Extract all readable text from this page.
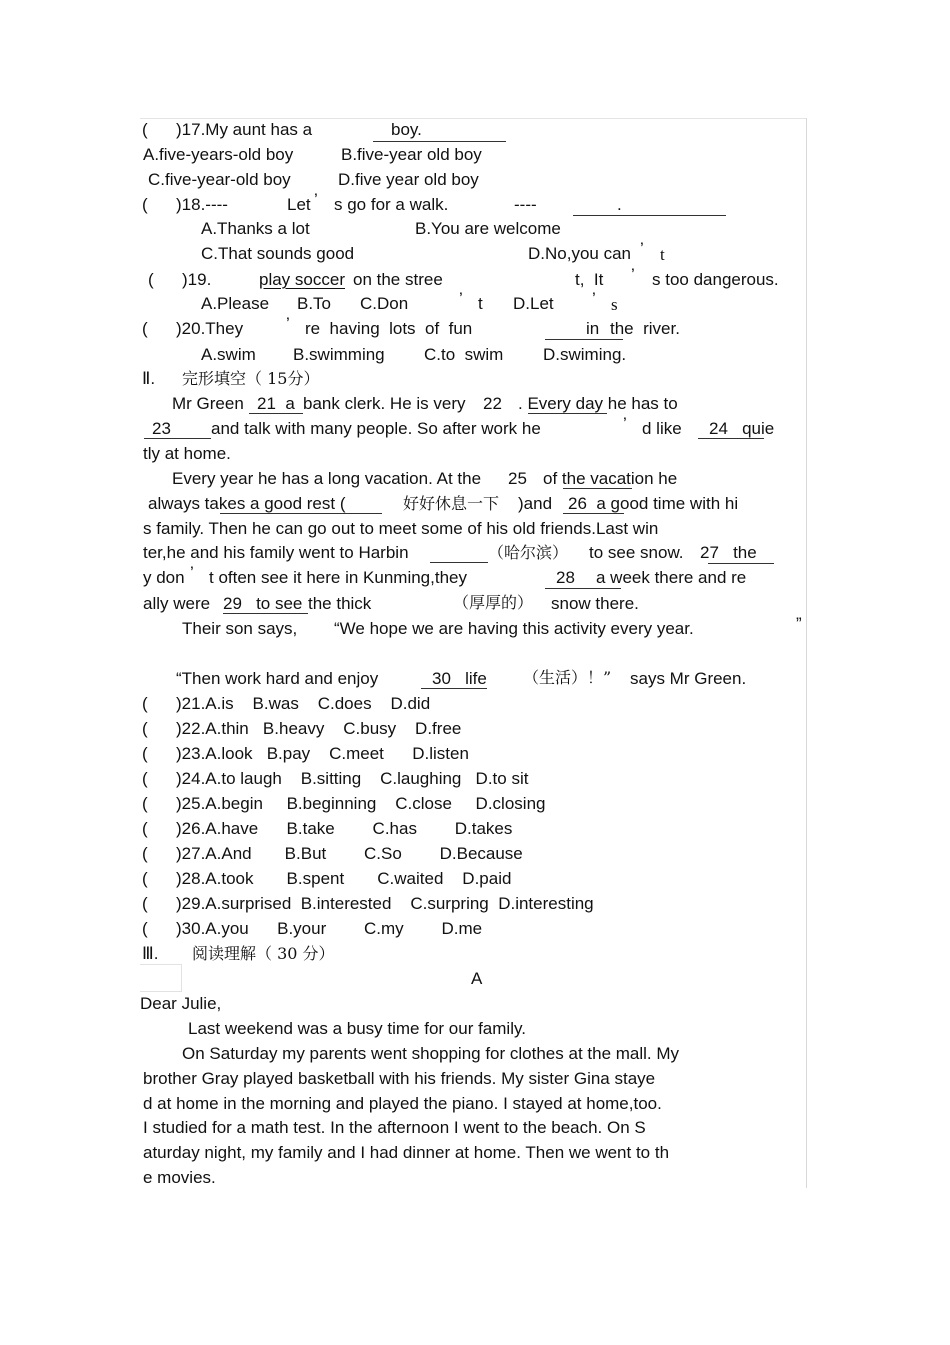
(      )17.My aunt has a	boy.
A.five-years-old boy	B.five-year old boy
C.five-year-old boy	D.five year old boy
(      )18.----	Let ’ s go for a walk.	----	.
A.Thanks a lot	B.You are welcome
C.That sounds good	D.No,you can ’ t
(      )19.	play soccer on the stree	t,  It ’ s too dangerous.
A.Please B.To C.Don	’ t D.Let ’ s
(      )20.They	’ re  having  lots  of  fun	in the  river.
A.swim B.swimming C.to  swim D.swiming.
Ⅱ. 完形填空（ 15分）
Mr Green 21  a bank clerk. He is very 22 . Every day he has to
23 and talk with many people. So after work he	’ d like 24   quie
tly at home.
Every year he has a long vacation. At the 25 of the vacation he
always takes a good rest (	好好休息一下 )and 26  a good time with hi
s family. Then he can go out to meet some of his old friends.Last win
ter,he and his family went to Harbin	（哈尔滨） to see snow. 27   the
y don ’ t often see it here in Kunming,they	28 a week there and re
ally were 29   to see the thick	（厚厚的） snow there.
Their son says, “We hope we are having this activity every year.	”
“Then work hard and enjoy	30   life （生活）！” says Mr Green.
(      )21.A.is    B.was    C.does    D.did
(      )22.A.thin   B.heavy    C.busy    D.free
(      )23.A.look   B.pay    C.meet      D.listen
(      )24.A.to laugh    B.sitting    C.laughing   D.to sit
(      )25.A.begin     B.beginning    C.close     D.closing
(      )26.A.have      B.take        C.has        D.takes
(      )27.A.And       B.But        C.So        D.Because
(      )28.A.took       B.spent       C.waited    D.paid
(      )29.A.surprised  B.interested    C.surpring  D.interesting
(      )30.A.you      B.your        C.my        D.me
Ⅲ. 阅读理解（ 30 分）
A
Dear Julie,
Last weekend was a busy time for our family.
On Saturday my parents went shopping for clothes at the mall. My
brother Gray played basketball with his friends. My sister Gina staye
d at home in the morning and played the piano. I stayed at home,too.
I studied for a math test. In the afternoon I went to the beach. On S
aturday night, my family and I had dinner at home. Then we went to th
e movies.
